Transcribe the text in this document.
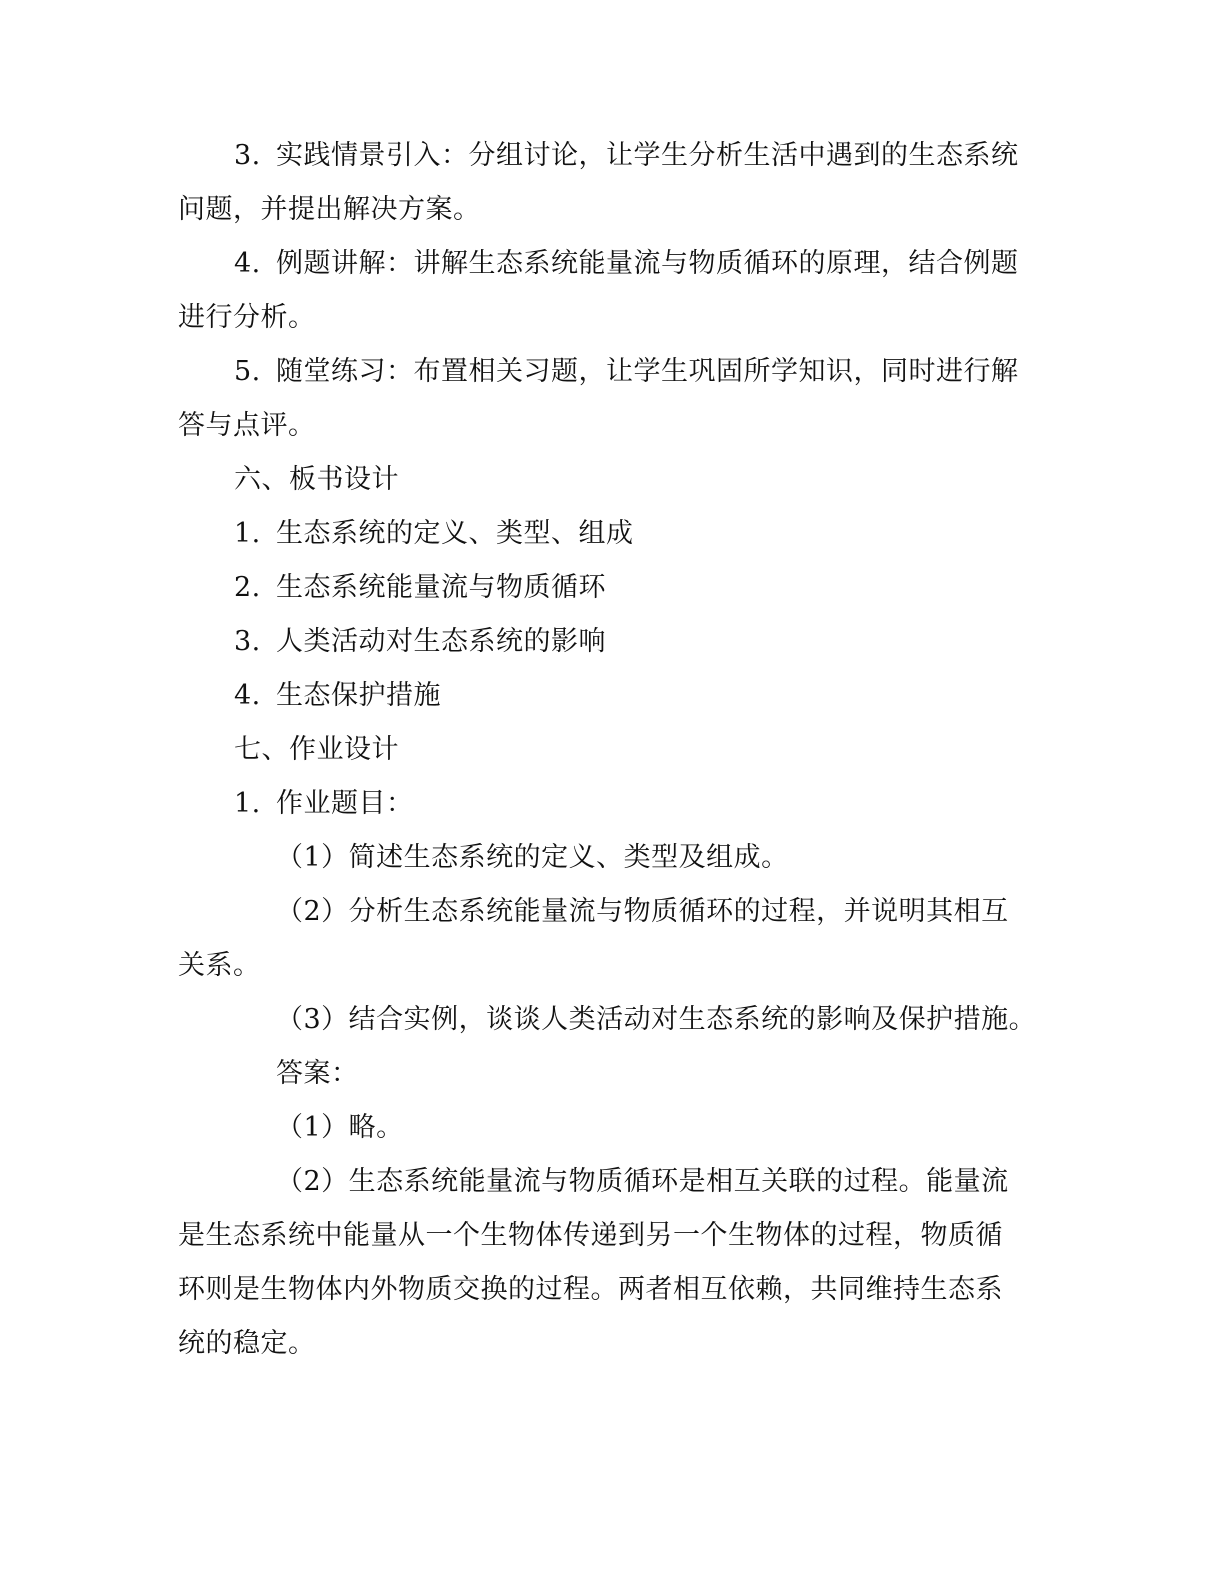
3. 实践情景引入：分组讨论，让学生分析生活中遇到的生态系统
问题，并提出解决方案。
4. 例题讲解：讲解生态系统能量流与物质循环的原理，结合例题
进行分析。
5. 随堂练习：布置相关习题，让学生巩固所学知识，同时进行解
答与点评。
六、板书设计
1. 生态系统的定义、类型、组成
2. 生态系统能量流与物质循环
3. 人类活动对生态系统的影响
4. 生态保护措施
七、作业设计
1. 作业题目：
（1）简述生态系统的定义、类型及组成。
（2）分析生态系统能量流与物质循环的过程，并说明其相互
关系。
（3）结合实例，谈谈人类活动对生态系统的影响及保护措施。
答案：
（1）略。
（2）生态系统能量流与物质循环是相互关联的过程。能量流
是生态系统中能量从一个生物体传递到另一个生物体的过程，物质循
环则是生物体内外物质交换的过程。两者相互依赖，共同维持生态系
统的稳定。
